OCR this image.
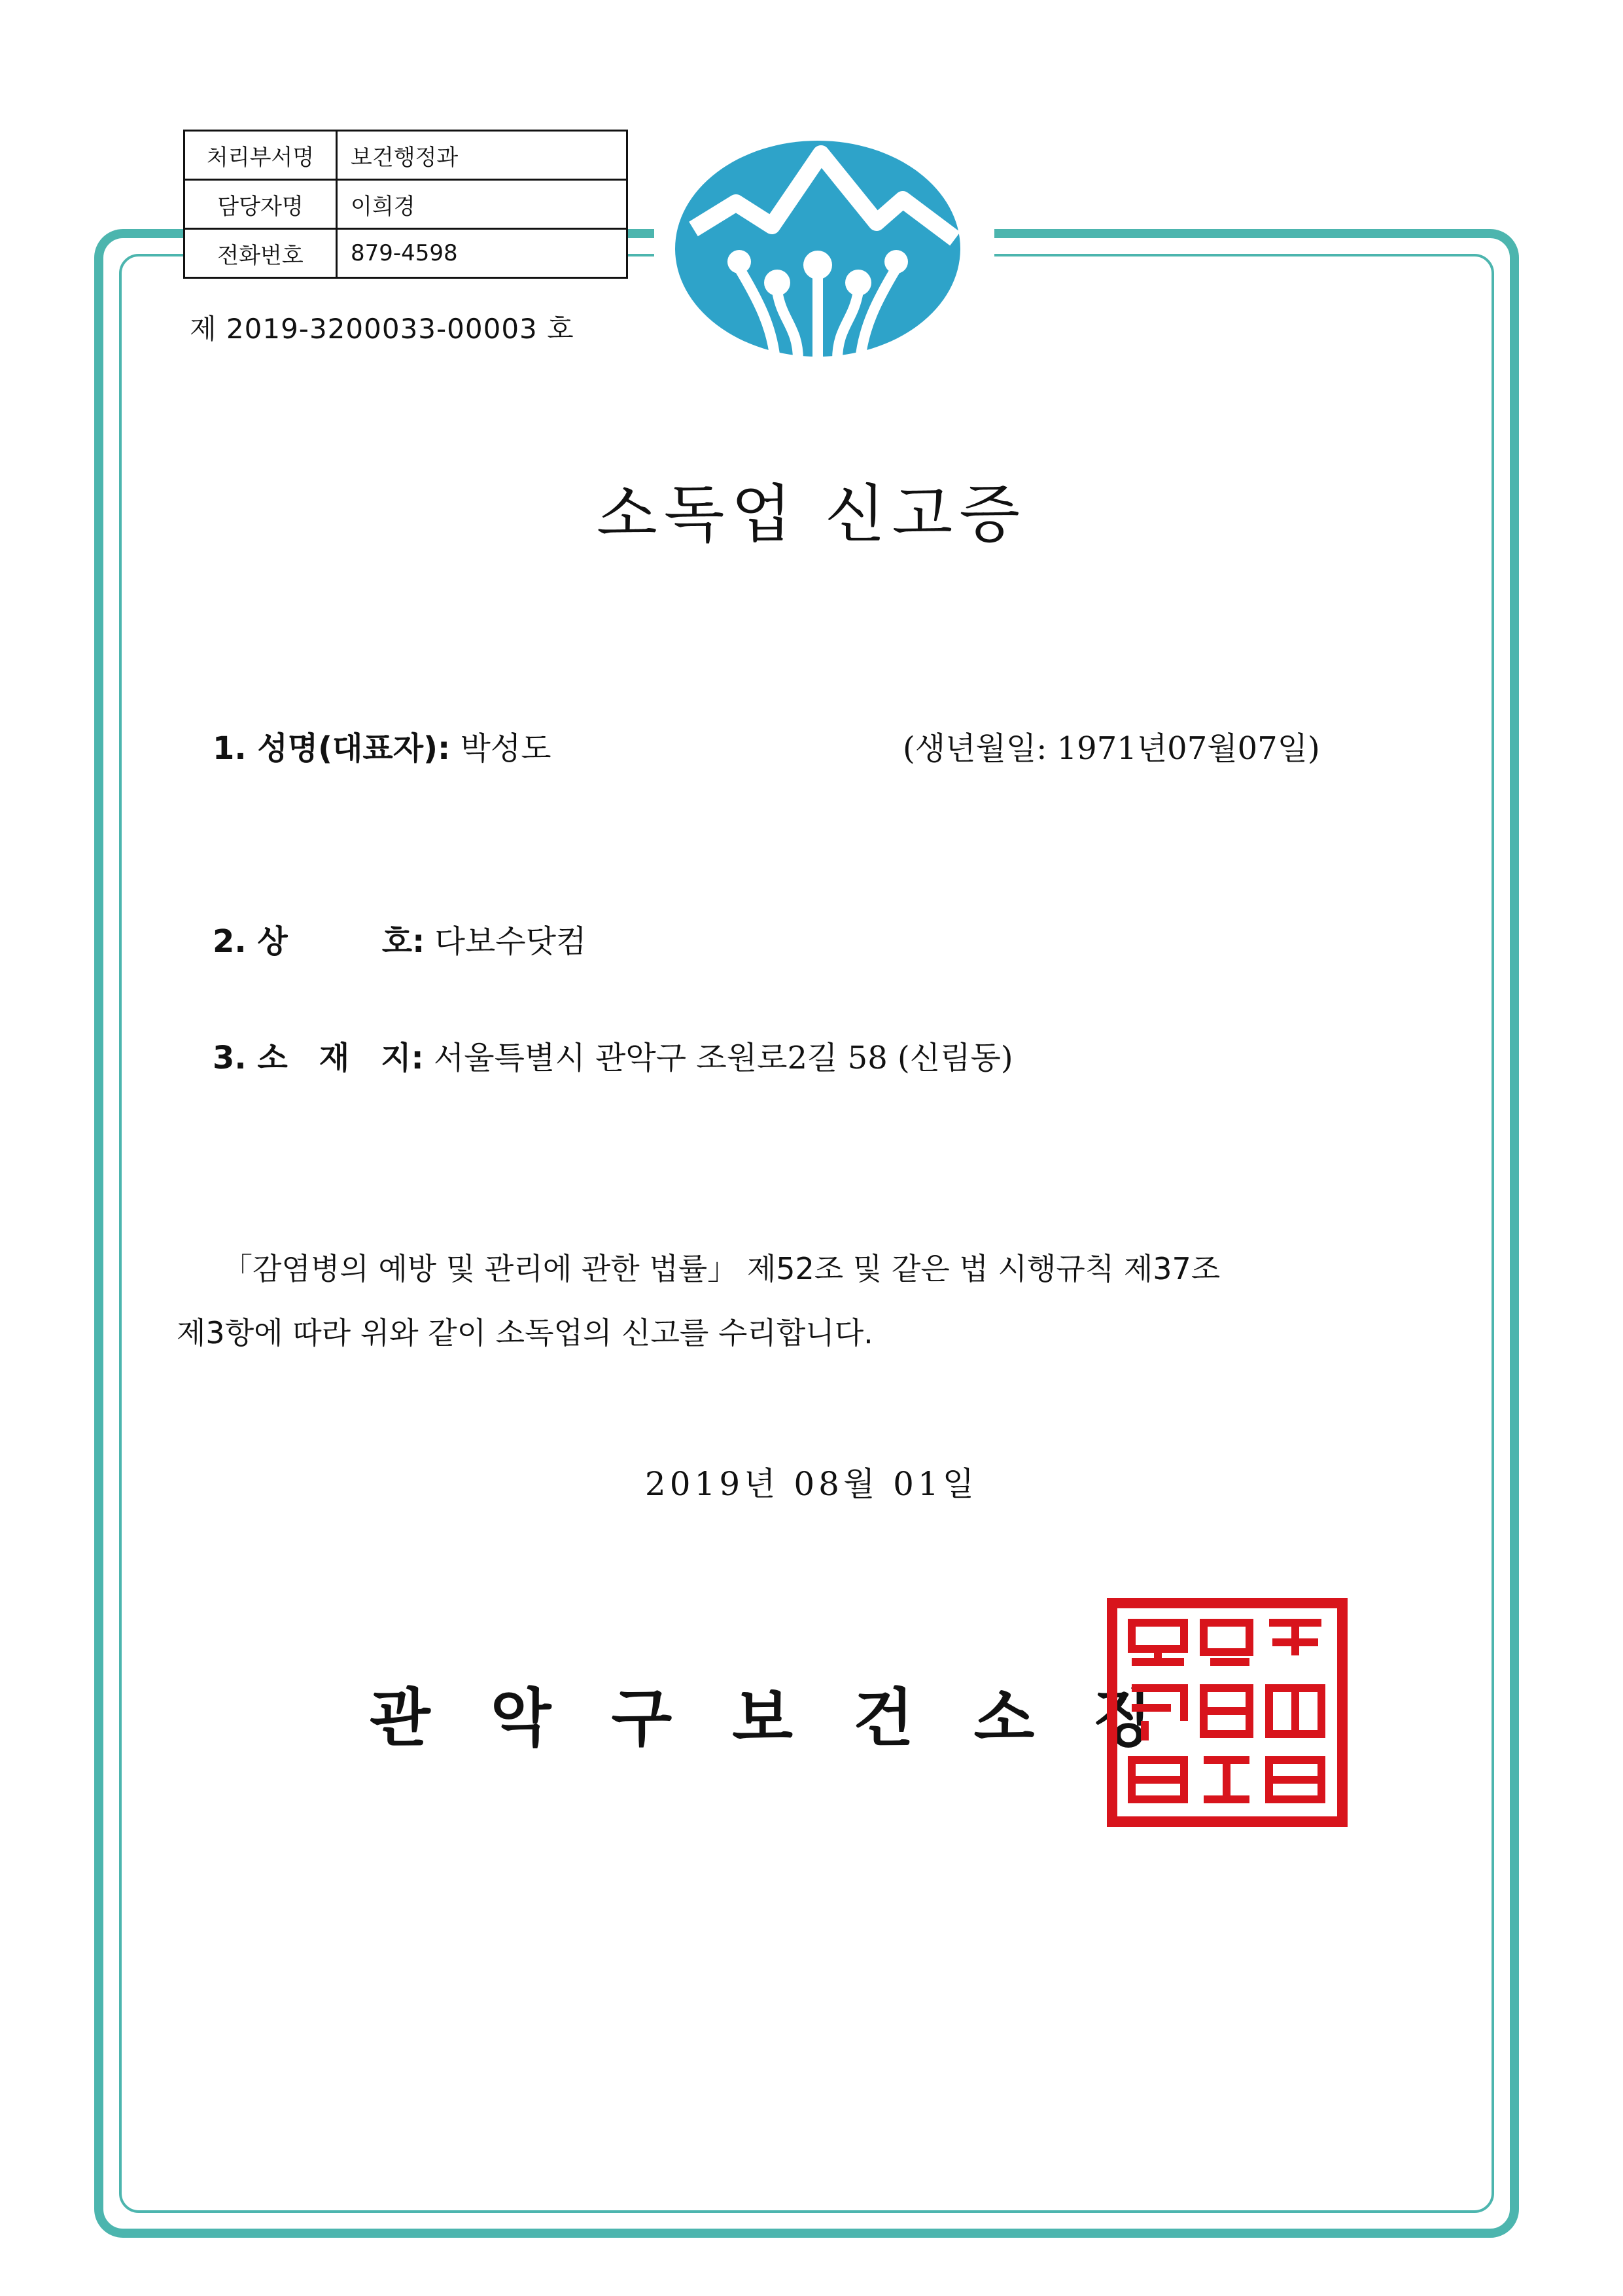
처리부서명	보건행정과
담당자명	이희경
전화번호	879-4598
제 2019-3200033-00003 호
소독업 신고증
1. 성명(대표자): 박성도	(생년월일: 1971년07월07일)
2. 상　　　호: 다보수닷컴
3. 소　재　지: 서울특별시 관악구 조원로2길 58 (신림동)
「감염병의 예방 및 관리에 관한 법률」 제52조 및 같은 법 시행규칙 제37조
제3항에 따라 위와 같이 소독업의 신고를 수리합니다.
2019년 08월 01일
관악구보건소장
